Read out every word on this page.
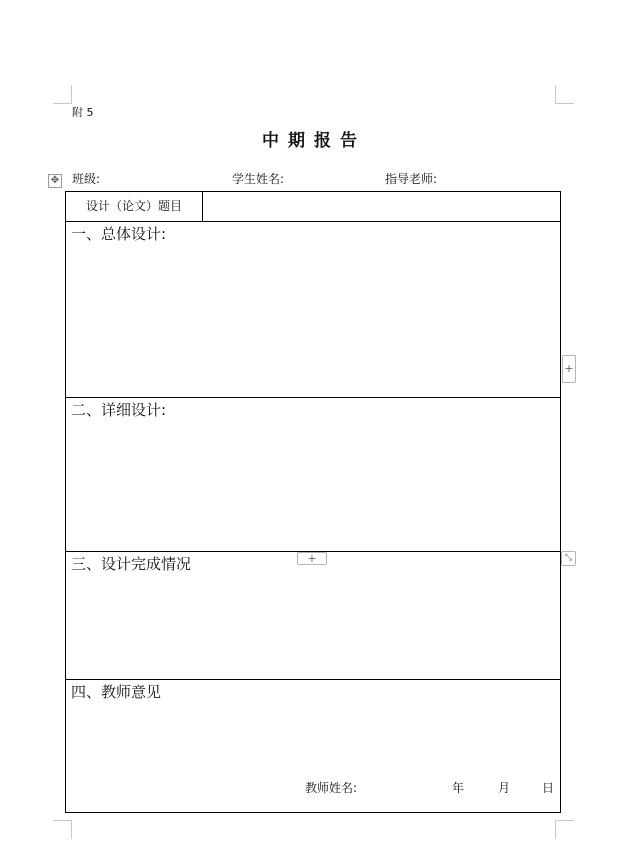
附 5
中期报告
班级:	学生姓名:	指导老师:
✥
设计（论文）题目
一、总体设计:
二、详细设计:
三、设计完成情况
四、教师意见
教师姓名:	年	月	日
+
+	⤡
